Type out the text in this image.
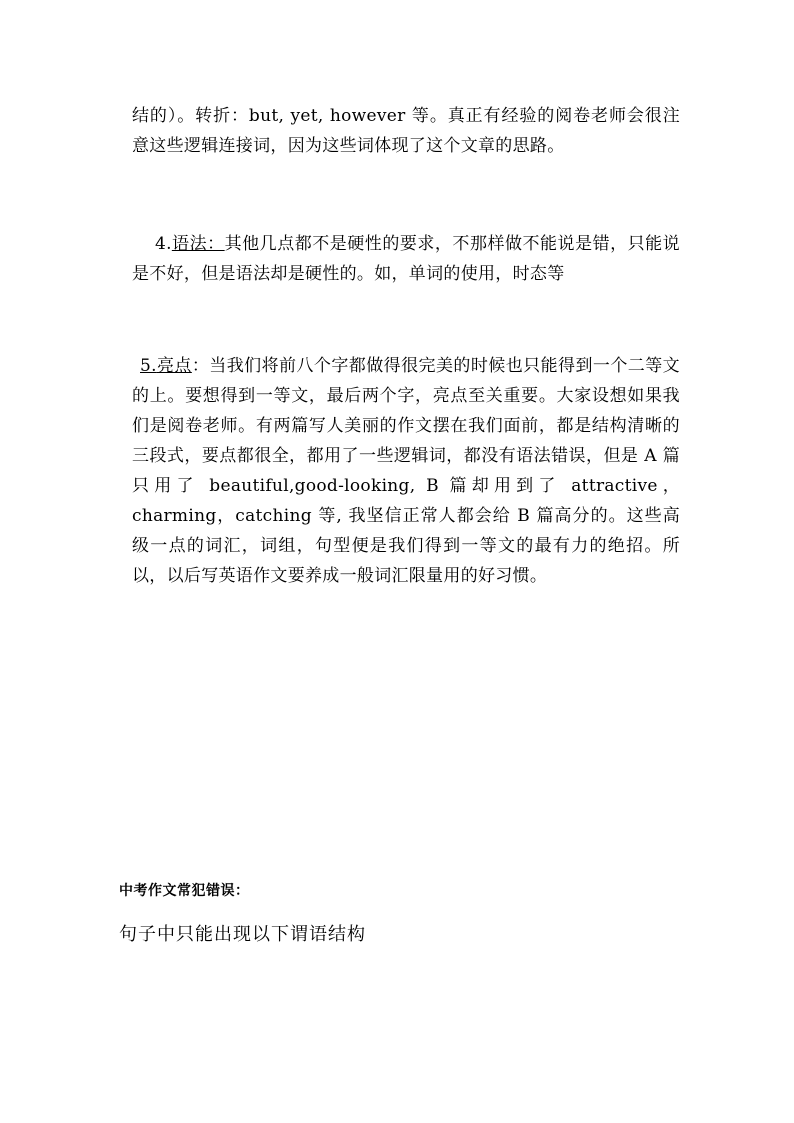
结的）。转折：but, yet, however 等。真正有经验的阅卷老师会很注意这些逻辑连接词，因为这些词体现了这个文章的思路。

4.语法：其他几点都不是硬性的要求，不那样做不能说是错，只能说是不好，但是语法却是硬性的。如，单词的使用，时态等

5.亮点：当我们将前八个字都做得很完美的时候也只能得到一个二等文的上。要想得到一等文，最后两个字，亮点至关重要。大家设想如果我们是阅卷老师。有两篇写人美丽的作文摆在我们面前，都是结构清晰的三段式，要点都很全，都用了一些逻辑词，都没有语法错误，但是 A 篇只用了 beautiful,good-looking, B 篇却用到了 attractive，charming，catching 等, 我坚信正常人都会给 B 篇高分的。这些高级一点的词汇，词组，句型便是我们得到一等文的最有力的绝招。所以，以后写英语作文要养成一般词汇限量用的好习惯。

中考作文常犯错误：

句子中只能出现以下谓语结构
